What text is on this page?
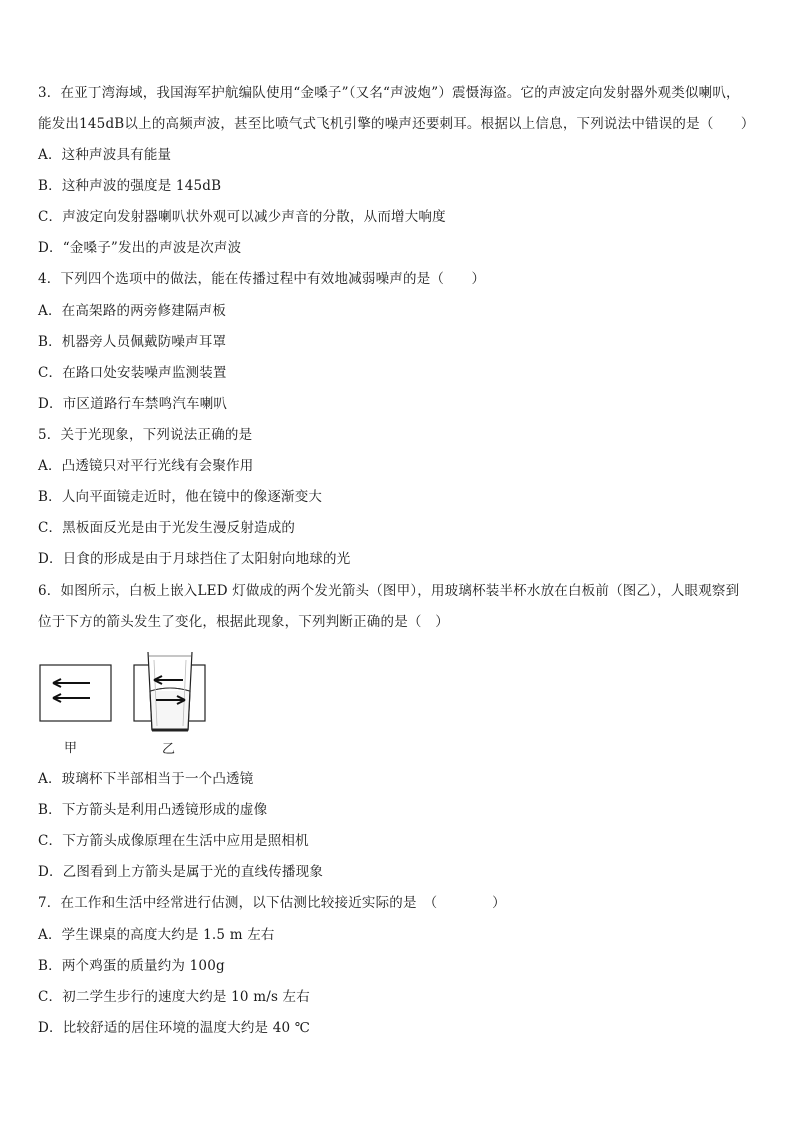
3．在亚丁湾海域，我国海军护航编队使用“金嗓子”（又名“声波炮”）震慑海盗。它的声波定向发射器外观类似喇叭，
能发出145dB以上的高频声波，甚至比喷气式飞机引擎的噪声还要刺耳。根据以上信息，下列说法中错误的是（　　）
A．这种声波具有能量
B．这种声波的强度是 145dB
C．声波定向发射器喇叭状外观可以减少声音的分散，从而增大响度
D．“金嗓子”发出的声波是次声波
4．下列四个选项中的做法，能在传播过程中有效地减弱噪声的是（　　）
A．在高架路的两旁修建隔声板
B．机器旁人员佩戴防噪声耳罩
C．在路口处安装噪声监测装置
D．市区道路行车禁鸣汽车喇叭
5．关于光现象，下列说法正确的是
A．凸透镜只对平行光线有会聚作用
B．人向平面镜走近时，他在镜中的像逐渐变大
C．黑板面反光是由于光发生漫反射造成的
D．日食的形成是由于月球挡住了太阳射向地球的光
6．如图所示，白板上嵌入LED 灯做成的两个发光箭头（图甲），用玻璃杯装半杯水放在白板前（图乙），人眼观察到
位于下方的箭头发生了变化，根据此现象，下列判断正确的是（　）
甲	乙
A．玻璃杯下半部相当于一个凸透镜
B．下方箭头是利用凸透镜形成的虚像
C．下方箭头成像原理在生活中应用是照相机
D．乙图看到上方箭头是属于光的直线传播现象
7．在工作和生活中经常进行估测，以下估测比较接近实际的是　（　　　　）
A．学生课桌的高度大约是 1.5 m 左右
B．两个鸡蛋的质量约为 100g
C．初二学生步行的速度大约是 10 m/s 左右
D．比较舒适的居住环境的温度大约是 40 ℃
